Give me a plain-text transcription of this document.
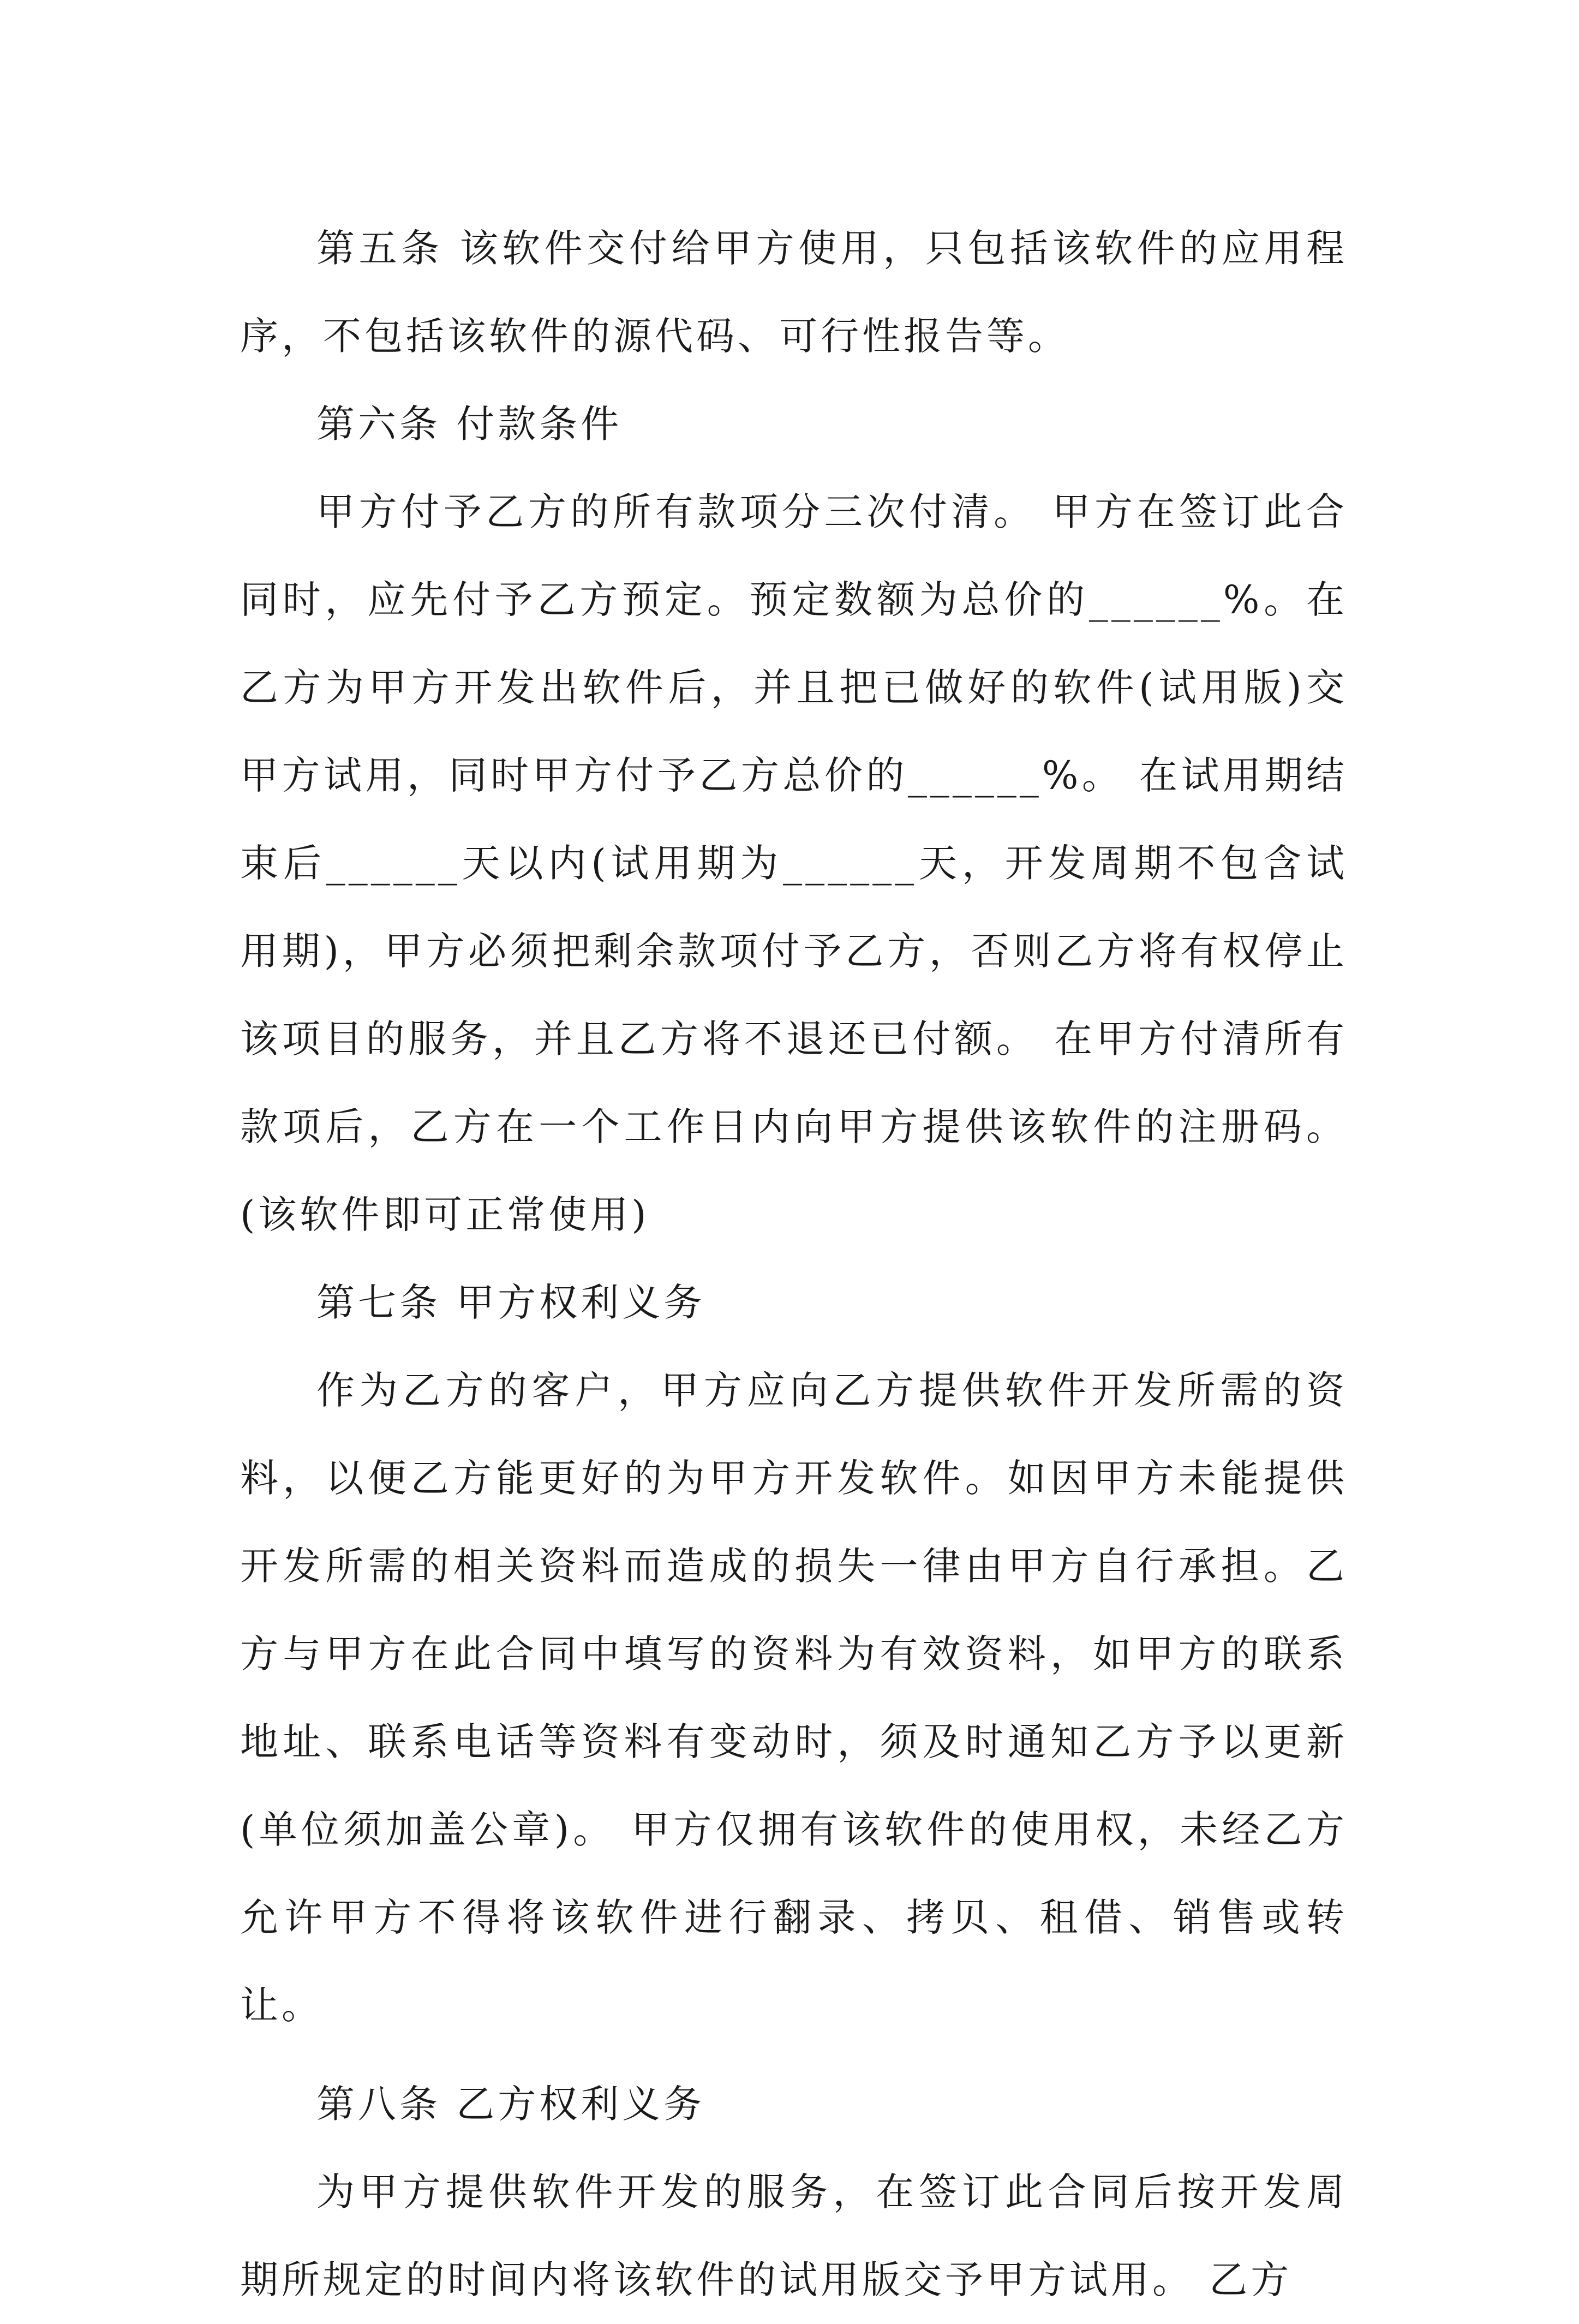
第五条 该软件交付给甲方使用，只包括该软件的应用程序，不包括该软件的源代码、可行性报告等。

第六条 付款条件

甲方付予乙方的所有款项分三次付清。 甲方在签订此合同时，应先付予乙方预定。预定数额为总价的______%。在乙方为甲方开发出软件后，并且把已做好的软件(试用版)交甲方试用，同时甲方付予乙方总价的______%。 在试用期结束后______天以内(试用期为______天，开发周期不包含试用期)，甲方必须把剩余款项付予乙方，否则乙方将有权停止该项目的服务，并且乙方将不退还已付额。 在甲方付清所有款项后，乙方在一个工作日内向甲方提供该软件的注册码。(该软件即可正常使用)

第七条 甲方权利义务

作为乙方的客户，甲方应向乙方提供软件开发所需的资料，以便乙方能更好的为甲方开发软件。如因甲方未能提供开发所需的相关资料而造成的损失一律由甲方自行承担。乙方与甲方在此合同中填写的资料为有效资料，如甲方的联系地址、联系电话等资料有变动时，须及时通知乙方予以更新(单位须加盖公章)。 甲方仅拥有该软件的使用权，未经乙方允许甲方不得将该软件进行翻录、拷贝、租借、销售或转让。

第八条 乙方权利义务

为甲方提供软件开发的服务，在签订此合同后按开发周期所规定的时间内将该软件的试用版交予甲方试用。 乙方
